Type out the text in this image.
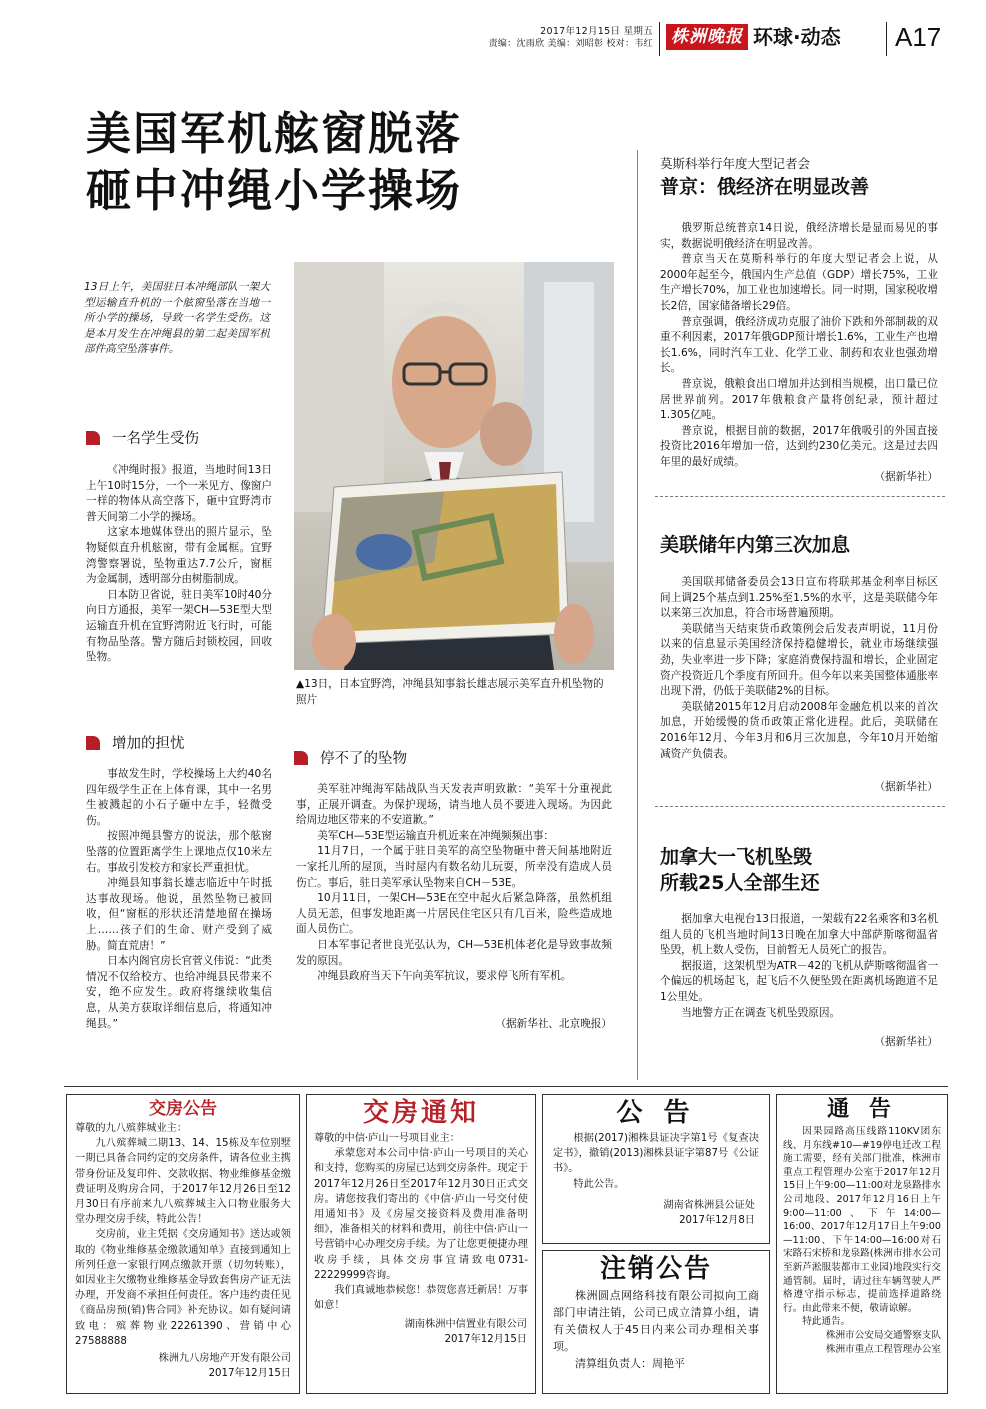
2017年12月15日 星期五
责编：沈雨欣 美编：刘昭彰 校对：韦红 株洲晚报 环球·动态	A17
美国军机舷窗脱落
砸中冲绳小学操场
13日上午，美国驻日本冲绳部队一架大型运输直升机的一个舷窗坠落在当地一所小学的操场，导致一名学生受伤。这是本月发生在冲绳县的第二起美国军机部件高空坠落事件。
▲13日，日本宜野湾，冲绳县知事翁长雄志展示美军直升机坠物的照片
一名学生受伤

《冲绳时报》报道，当地时间13日上午10时15分，一个一米见方、像窗户一样的物体从高空落下，砸中宜野湾市普天间第二小学的操场。

这家本地媒体登出的照片显示，坠物疑似直升机舷窗，带有金属框。宜野湾警察署说，坠物重达7.7公斤，窗框为金属制，透明部分由树脂制成。

日本防卫省说，驻日美军10时40分向日方通报，美军一架CH—53E型大型运输直升机在宜野湾附近飞行时，可能有物品坠落。警方随后封锁校园，回收坠物。

增加的担忧

事故发生时，学校操场上大约40名四年级学生正在上体育课，其中一名男生被溅起的小石子砸中左手，轻微受伤。

按照冲绳县警方的说法，那个舷窗坠落的位置距离学生上课地点仅10米左右。事故引发校方和家长严重担忧。

冲绳县知事翁长雄志临近中午时抵达事故现场。他说，虽然坠物已被回收，但“窗框的形状还清楚地留在操场上……孩子们的生命、财产受到了威胁。简直荒唐！”

日本内阁官房长官菅义伟说：“此类情况不仅给校方、也给冲绳县民带来不安，绝不应发生。政府将继续收集信息，从美方获取详细信息后，将通知冲绳县。”

停不了的坠物

美军驻冲绳海军陆战队当天发表声明致歉：“美军十分重视此事，正展开调查。为保护现场，请当地人员不要进入现场。为因此给周边地区带来的不安道歉。”

美军CH—53E型运输直升机近来在冲绳频频出事：

11月7日，一个属于驻日美军的高空坠物砸中普天间基地附近一家托儿所的屋顶，当时屋内有数名幼儿玩耍，所幸没有造成人员伤亡。事后，驻日美军承认坠物来自CH－53E。

10月11日，一架CH—53E在空中起火后紧急降落，虽然机组人员无恙，但事发地距离一片居民住宅区只有几百米，险些造成地面人员伤亡。

日本军事记者世良光弘认为，CH—53E机体老化是导致事故频发的原因。

冲绳县政府当天下午向美军抗议，要求停飞所有军机。

（据新华社、北京晚报）
莫斯科举行年度大型记者会
普京：俄经济在明显改善

俄罗斯总统普京14日说，俄经济增长是显而易见的事实，数据说明俄经济在明显改善。

普京当天在莫斯科举行的年度大型记者会上说，从2000年起至今，俄国内生产总值（GDP）增长75%，工业生产增长70%，加工业也加速增长。同一时期，国家税收增长2倍，国家储备增长29倍。

普京强调，俄经济成功克服了油价下跌和外部制裁的双重不利因素，2017年俄GDP预计增长1.6%，工业生产也增长1.6%，同时汽车工业、化学工业、制药和农业也强劲增长。

普京说，俄粮食出口增加并达到相当规模，出口量已位居世界前列。2017年俄粮食产量将创纪录，预计超过1.305亿吨。

普京说，根据目前的数据，2017年俄吸引的外国直接投资比2016年增加一倍，达到约230亿美元。这是过去四年里的最好成绩。

（据新华社）
美联储年内第三次加息

美国联邦储备委员会13日宣布将联邦基金利率目标区间上调25个基点到1.25%至1.5%的水平，这是美联储今年以来第三次加息，符合市场普遍预期。

美联储当天结束货币政策例会后发表声明说，11月份以来的信息显示美国经济保持稳健增长，就业市场继续强劲，失业率进一步下降；家庭消费保持温和增长，企业固定资产投资近几个季度有所回升。但今年以来美国整体通胀率出现下滑，仍低于美联储2%的目标。

美联储2015年12月启动2008年金融危机以来的首次加息，开始缓慢的货币政策正常化进程。此后，美联储在2016年12月、今年3月和6月三次加息，今年10月开始缩减资产负债表。

（据新华社）
加拿大一飞机坠毁
所载25人全部生还

据加拿大电视台13日报道，一架载有22名乘客和3名机组人员的飞机当地时间13日晚在加拿大中部萨斯喀彻温省坠毁，机上数人受伤，目前暂无人员死亡的报告。

据报道，这架机型为ATR－42的飞机从萨斯喀彻温省一个偏远的机场起飞，起飞后不久便坠毁在距离机场跑道不足1公里处。

当地警方正在调查飞机坠毁原因。

（据新华社）
交房公告
尊敬的九八殡葬城业主：

九八殡葬城二期13、14、15栋及车位别墅一期已具备合同约定的交房条件，请各位业主携带身份证及复印件、交款收据、物业维修基金缴费证明及购房合同，于2017年12月26日至12月30日有序前来九八殡葬城主入口物业服务大堂办理交房手续，特此公告！

交房前，业主凭据《交房通知书》送达或领取的《物业维修基金缴款通知单》直接到通知上所列任意一家银行网点缴款开票（切勿转账），如因业主欠缴物业维修基金导致套售房产证无法办理，开发商不承担任何责任。客户违约责任见《商品房预(销)售合同》补充协议。如有疑问请致电：殡葬物业22261390、营销中心27588888

株洲九八房地产开发有限公司
2017年12月15日
交房通知
尊敬的中信·庐山一号项目业主：

承蒙您对本公司中信·庐山一号项目的关心和支持，您购买的房屋已达到交房条件。现定于2017年12月26日至2017年12月30日正式交房。请您按我们寄出的《中信·庐山一号交付使用通知书》及《房屋交接资料及费用准备明细》，准备相关的材料和费用，前往中信·庐山一号营销中心办理交房手续。为了让您更便捷办理收房手续，具体交房事宜请致电0731-22229999咨询。

我们真诚地恭候您！恭贺您喜迁新居！万事如意！

湖南株洲中信置业有限公司
2017年12月15日
公 告

根据(2017)湘株县证决字第1号《复查决定书》，撤销(2013)湘株县证字第87号《公证书》。

特此公告。

湖南省株洲县公证处
2017年12月8日
注销公告

株洲圆点网络科技有限公司拟向工商部门申请注销，公司已成立清算小组，请有关债权人于45日内来公司办理相关事项。

清算组负责人：周艳平

通 告

因果园路高压线路110KV团东线、月东线#10—#19停电迁改工程施工需要，经有关部门批准，株洲市重点工程管理办公室于2017年12月15日上午9:00—11:00对龙泉路排水公司地段、2017年12月16日上午9:00—11:00、下午14:00—16:00、2017年12月17日上午9:00—11:00、下午14:00—16:00对石宋路石宋桥和龙泉路(株洲市排水公司至新芦淞服装都市工业园)地段实行交通管制。届时，请过往车辆驾驶人严格遵守指示标志，提前选择道路绕行。由此带来不便，敬请谅解。

特此通告。

株洲市公安局交通警察支队
株洲市重点工程管理办公室
